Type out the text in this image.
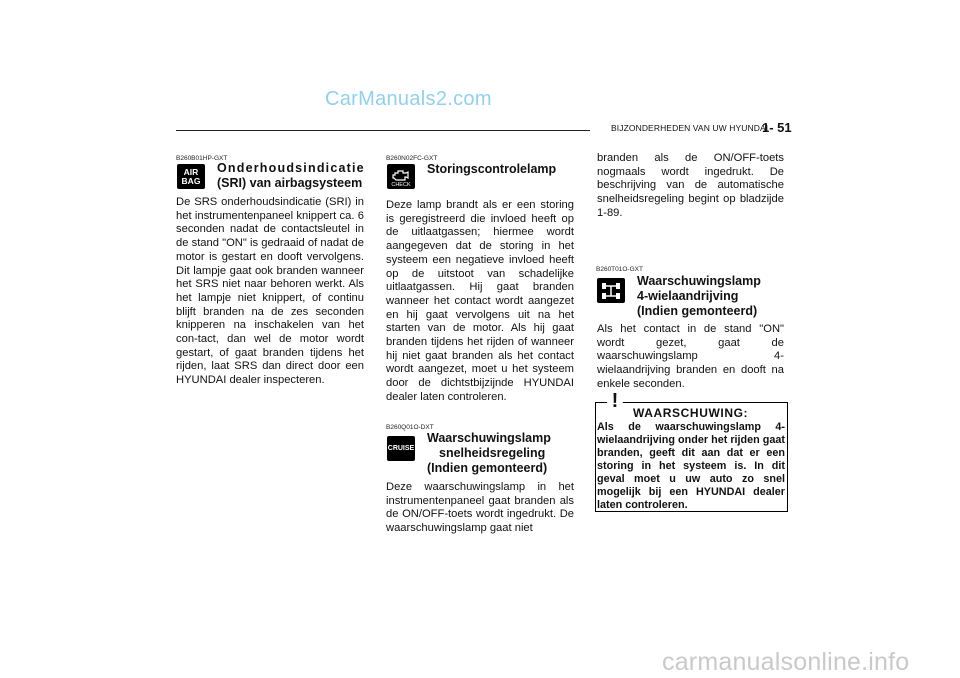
CarManuals2.com
BIJZONDERHEDEN VAN UW HYUNDAI
1- 51
B260B01HP-GXT
AIR
BAG
Onderhoudsindicatie
(SRI) van airbagsysteem
De SRS onderhoudsindicatie (SRI) in het instrumentenpaneel knippert ca. 6 seconden nadat de contactsleutel in de stand "ON" is gedraaid of nadat de motor is gestart en dooft vervolgens. Dit lampje gaat ook branden wanneer het SRS niet naar behoren werkt. Als het lampje niet knippert, of continu blijft branden na de zes seconden knipperen na inschakelen van het con-tact, dan wel de motor wordt gestart, of gaat branden tijdens het rijden, laat SRS dan direct door een HYUNDAI dealer inspecteren.
B260N02FC-GXT
CHECK
Storingscontrolelamp
Deze lamp brandt als er een storing is geregistreerd die invloed heeft op de uitlaatgassen; hiermee wordt aangegeven dat de storing in het systeem een negatieve invloed heeft op de uitstoot van schadelijke uitlaatgassen. Hij gaat branden wanneer het contact wordt aangezet en hij gaat vervolgens uit na het starten van de motor. Als hij gaat branden tijdens het rijden of wanneer hij niet gaat branden als het contact wordt aangezet, moet u het systeem door de dichtstbijzijnde HYUNDAI dealer laten controleren.
B260Q01O-DXT
CRUISE
Waarschuwingslamp
snelheidsregeling
(Indien gemonteerd)
Deze waarschuwingslamp in het instrumentenpaneel gaat branden als de ON/OFF-toets wordt ingedrukt. De waarschuwingslamp gaat niet
branden als de ON/OFF-toets nogmaals wordt ingedrukt. De beschrijving van de automatische snelheidsregeling begint op bladzijde 1-89.
B260T01O-GXT
Waarschuwingslamp
4-wielaandrijving
(Indien gemonteerd)
Als het contact in de stand "ON" wordt gezet, gaat de waarschuwingslamp 4-wielaandrijving branden en dooft na enkele seconden.
!
WAARSCHUWING:
Als de waarschuwingslamp 4-wielaandrijving onder het rijden gaat branden, geeft dit aan dat er een storing in het systeem is. In dit geval moet u uw auto zo snel mogelijk bij een HYUNDAI dealer laten controleren.
carmanualsonline.info
